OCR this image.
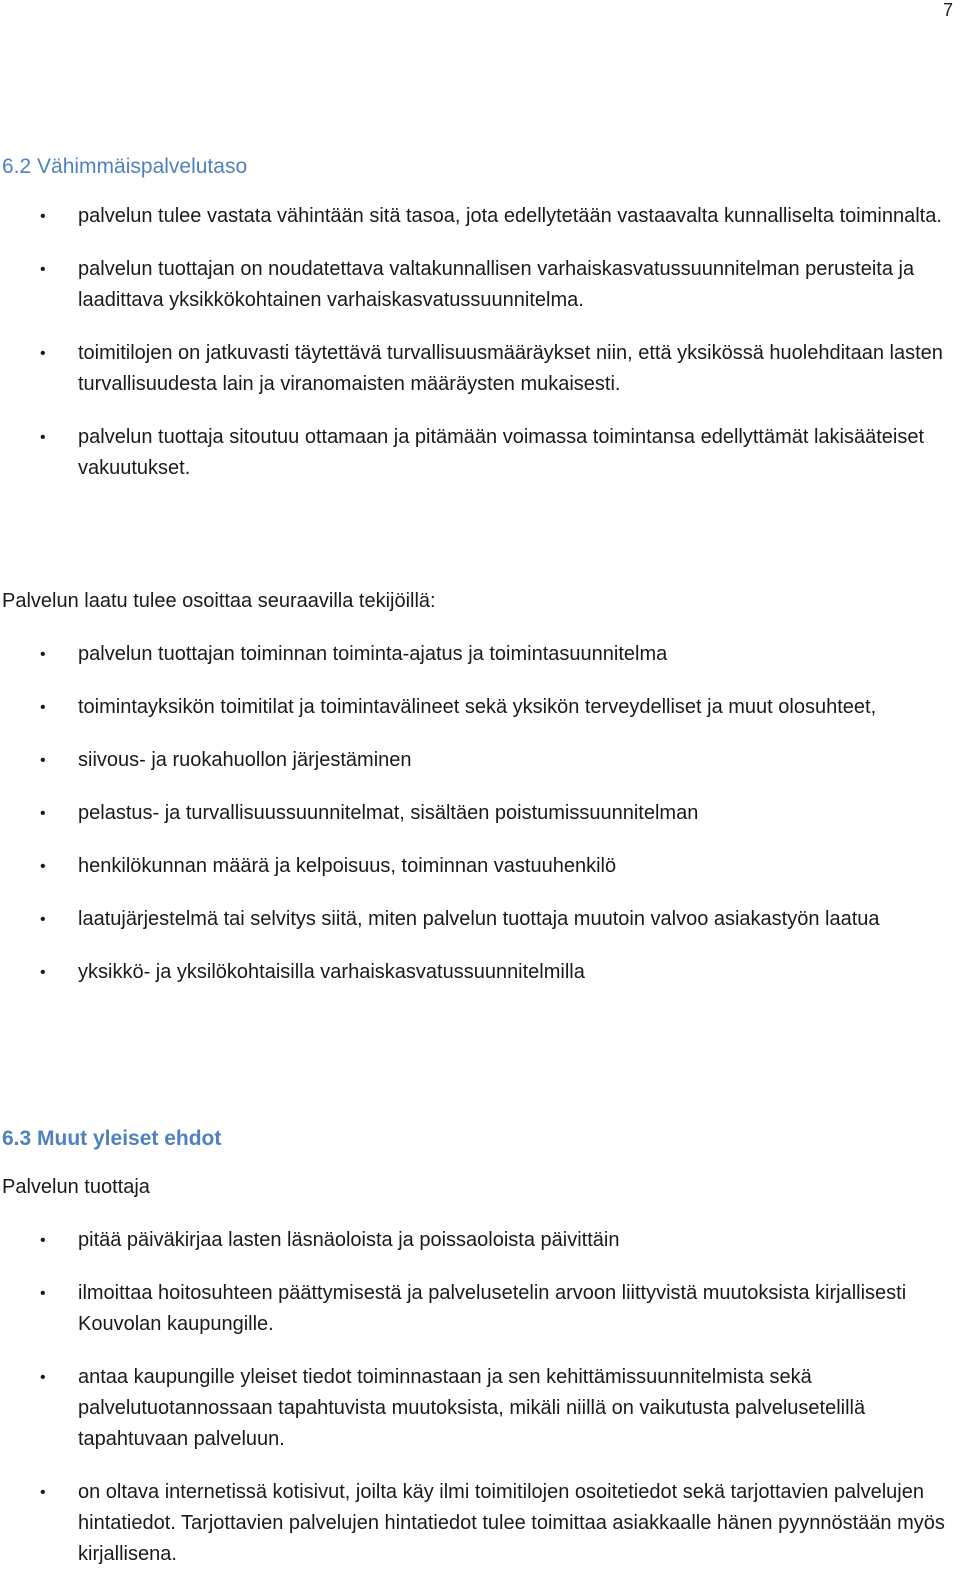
7
6.2 Vähimmäispalvelutaso
• palvelun tulee vastata vähintään sitä tasoa, jota edellytetään vastaavalta kunnalliselta toiminnalta.
• palvelun tuottajan on noudatettava valtakunnallisen varhaiskasvatussuunnitelman perusteita ja laadittava yksikkökohtainen varhaiskasvatussuunnitelma.
• toimitilojen on jatkuvasti täytettävä turvallisuusmääräykset niin, että yksikössä huolehditaan lasten turvallisuudesta lain ja viranomaisten määräysten mukaisesti.
• palvelun tuottaja sitoutuu ottamaan ja pitämään voimassa toimintansa edellyttämät lakisääteiset vakuutukset.

Palvelun laatu tulee osoittaa seuraavilla tekijöillä:

• palvelun tuottajan toiminnan toiminta-ajatus ja toimintasuunnitelma
• toimintayksikön toimitilat ja toimintavälineet sekä yksikön terveydelliset ja muut olosuhteet,
• siivous- ja ruokahuollon järjestäminen
• pelastus- ja turvallisuussuunnitelmat, sisältäen poistumissuunnitelman
• henkilökunnan määrä ja kelpoisuus, toiminnan vastuuhenkilö
• laatujärjestelmä tai selvitys siitä, miten palvelun tuottaja muutoin valvoo asiakastyön laatua
• yksikkö- ja yksilökohtaisilla varhaiskasvatussuunnitelmilla
6.3 Muut yleiset ehdot

Palvelun tuottaja

• pitää päiväkirjaa lasten läsnäoloista ja poissaoloista päivittäin
• ilmoittaa hoitosuhteen päättymisestä ja palvelusetelin arvoon liittyvistä muutoksista kirjallisesti Kouvolan kaupungille.
• antaa kaupungille yleiset tiedot toiminnastaan ja sen kehittämissuunnitelmista sekä palvelutuotannossaan tapahtuvista muutoksista, mikäli niillä on vaikutusta palvelusetelillä tapahtuvaan palveluun.
• on oltava internetissä kotisivut, joilta käy ilmi toimitilojen osoitetiedot sekä tarjottavien palvelujen hintatiedot. Tarjottavien palvelujen hintatiedot tulee toimittaa asiakkaalle hänen pyynnöstään myös kirjallisena.
